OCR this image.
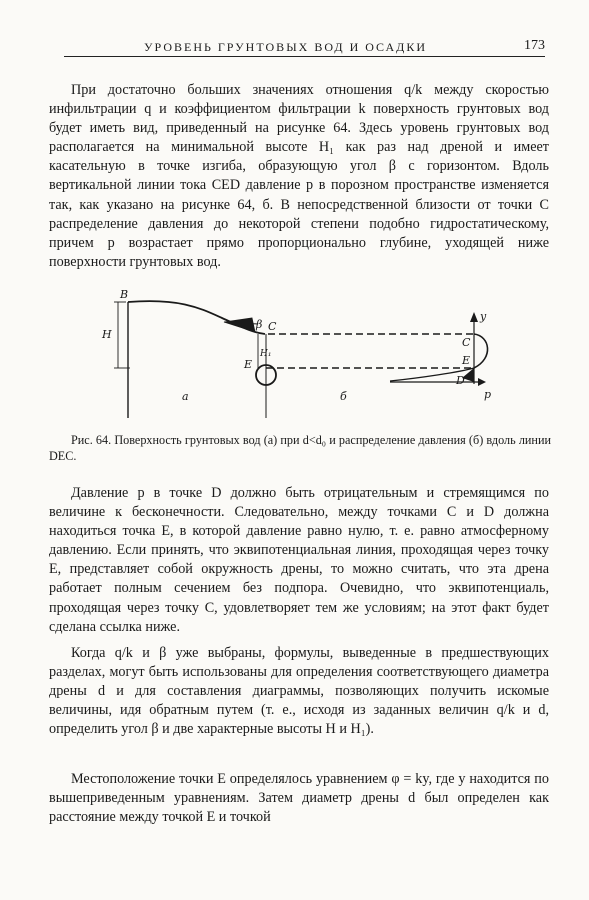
УРОВЕНЬ ГРУНТОВЫХ ВОД И ОСАДКИ	173

При достаточно больших значениях отношения q/k между скоростью инфильтрации q и коэффициентом фильтрации k поверхность грунтовых вод будет иметь вид, приведенный на рисунке 64. Здесь уровень грунтовых вод располагается на минимальной высоте H₁ как раз над дреной и имеет касательную в точке изгиба, образующую угол β с горизонтом. Вдоль вертикальной линии тока CED давление p в порозном пространстве изменяется так, как указано на рисунке 64, б. В непосредственной близости от точки C распределение давления до некоторой степени подобно гидростатическому, причем p возрастает прямо пропорционально глубине, уходящей ниже поверхности грунтовых вод.

B
H
β C
E
H₁
а	б
y
p
C
E
D

Рис. 64. Поверхность грунтовых вод (а) при d<d₀ и распределение давления (б) вдоль линии DEC.

Давление p в точке D должно быть отрицательным и стремящимся по величине к бесконечности. Следовательно, между точками C и D должна находиться точка E, в которой давление равно нулю, т. е. равно атмосферному давлению. Если принять, что эквипотенциальная линия, проходящая через точку E, представляет собой окружность дрены, то можно считать, что эта дрена работает полным сечением без подпора. Очевидно, что эквипотенциаль, проходящая через точку C, удовлетворяет тем же условиям; на этот факт будет сделана ссылка ниже.

Когда q/k и β уже выбраны, формулы, выведенные в предшествующих разделах, могут быть использованы для определения соответствующего диаметра дрены d и для составления диаграммы, позволяющих получить искомые величины, идя обратным путем (т. е., исходя из заданных величин q/k и d, определить угол β и две характерные высоты H и H₁).

Местоположение точки E определялось уравнением φ = ky, где y находится по вышеприведенным уравнениям. Затем диаметр дрены d был определен как расстояние между точкой E и точкой
